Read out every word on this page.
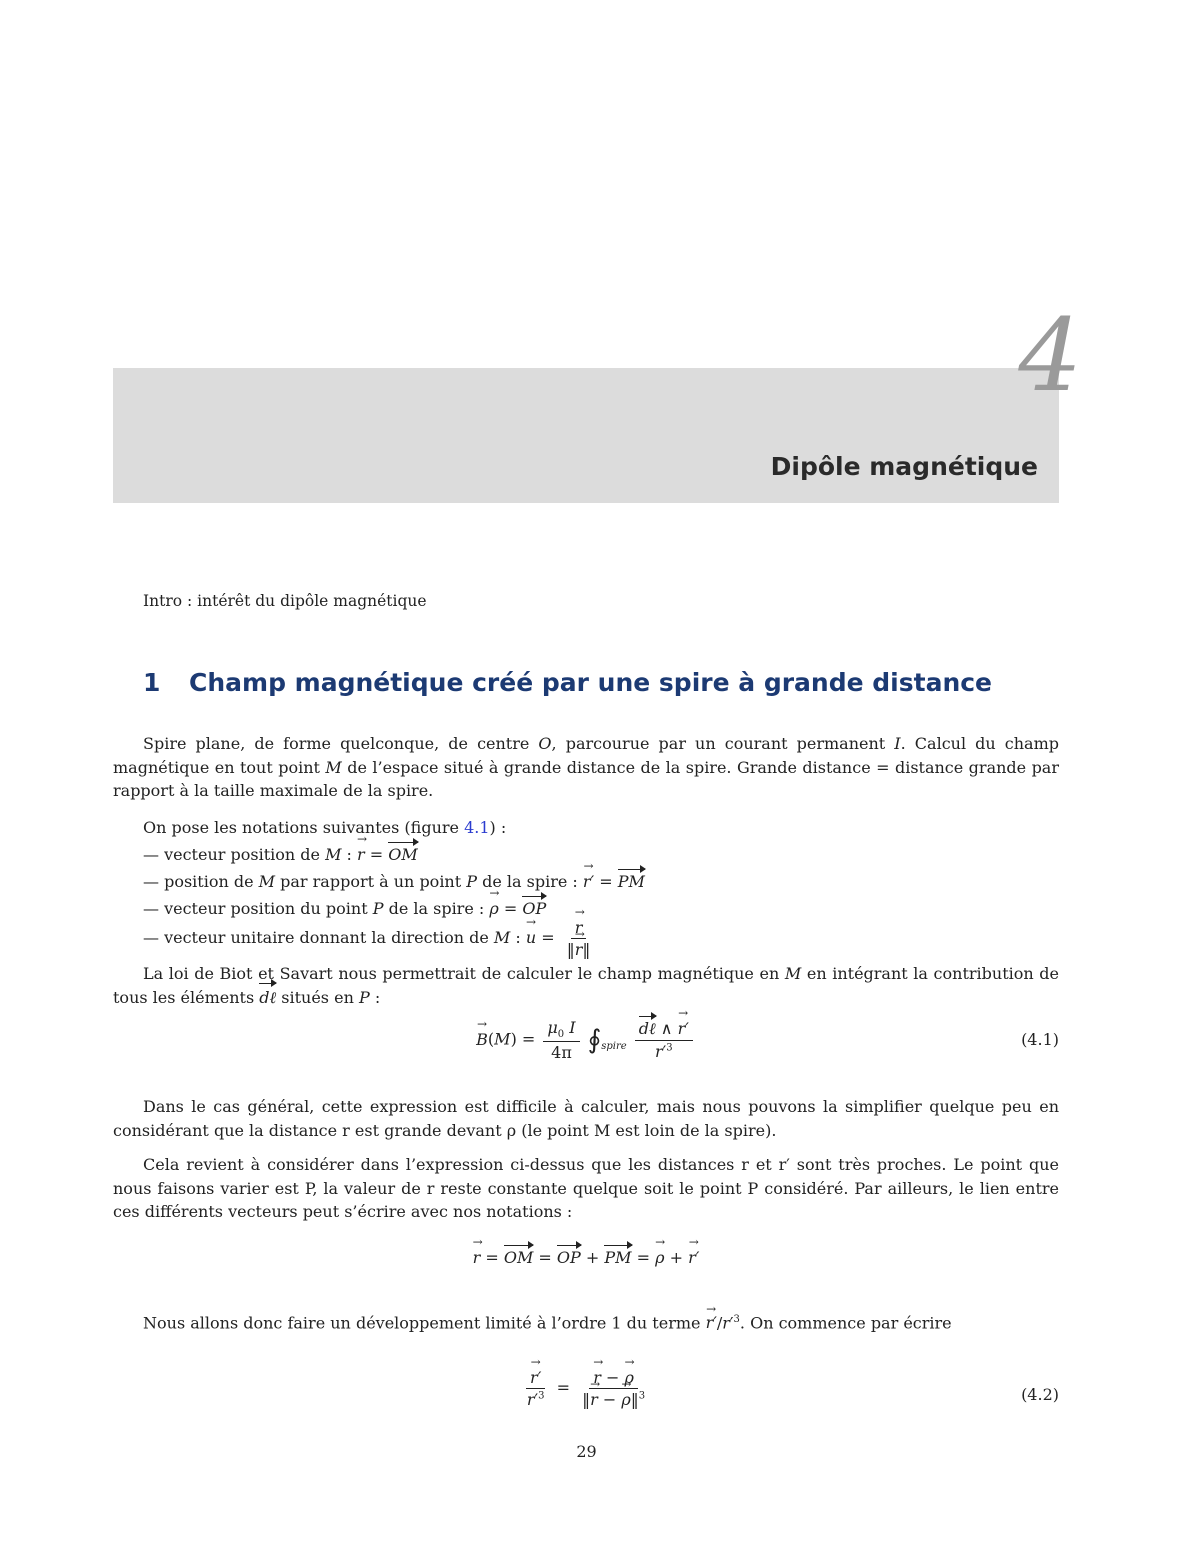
4
Dipôle magnétique
Intro : intérêt du dipôle magnétique
1 Champ magnétique créé par une spire à grande distance
Spire plane, de forme quelconque, de centre O, parcourue par un courant permanent I. Calcul du champ magnétique en tout point M de l’espace situé à grande distance de la spire. Grande distance = distance grande par rapport à la taille maximale de la spire.
On pose les notations suivantes (figure 4.1) :
— vecteur position de M : → r = OM
— position de M par rapport à un point P de la spire : → r′ = PM
— vecteur position du point P de la spire : → ρ = OP
— vecteur unitaire donnant la direction de M : → u = → $\frac{r}{‖\to r‖}$
La loi de Biot et Savart nous permettrait de calculer le champ magnétique en M en intégrant la contribution de tous les éléments dℓ situés en P :
→ $B(M) = \frac{\mu_0 I}{4\pi}$ $∮_{spire} \frac{\text{dℓ ∧ → r′}}{r'^3}$	(4.1)
Dans le cas général, cette expression est difficile à calculer, mais nous pouvons la simplifier quelque peu en considérant que la distance r est grande devant ρ (le point M est loin de la spire).
Cela revient à considérer dans l’expression ci-dessus que les distances r et r′ sont très proches. Le point que nous faisons varier est P, la valeur de r reste constante quelque soit le point P considéré. Par ailleurs, le lien entre ces différents vecteurs peut s’écrire avec nos notations :
→ r = OM = OP + PM = → ρ + → r′
Nous allons donc faire un développement limité à l’ordre 1 du terme → $r'/r'^3$. On commence par écrire
→ $\frac{r'}{r'^3}$ = → $\frac{r - \to \rho}{‖\to r - \to \rho‖^3}$	(4.2)
29
